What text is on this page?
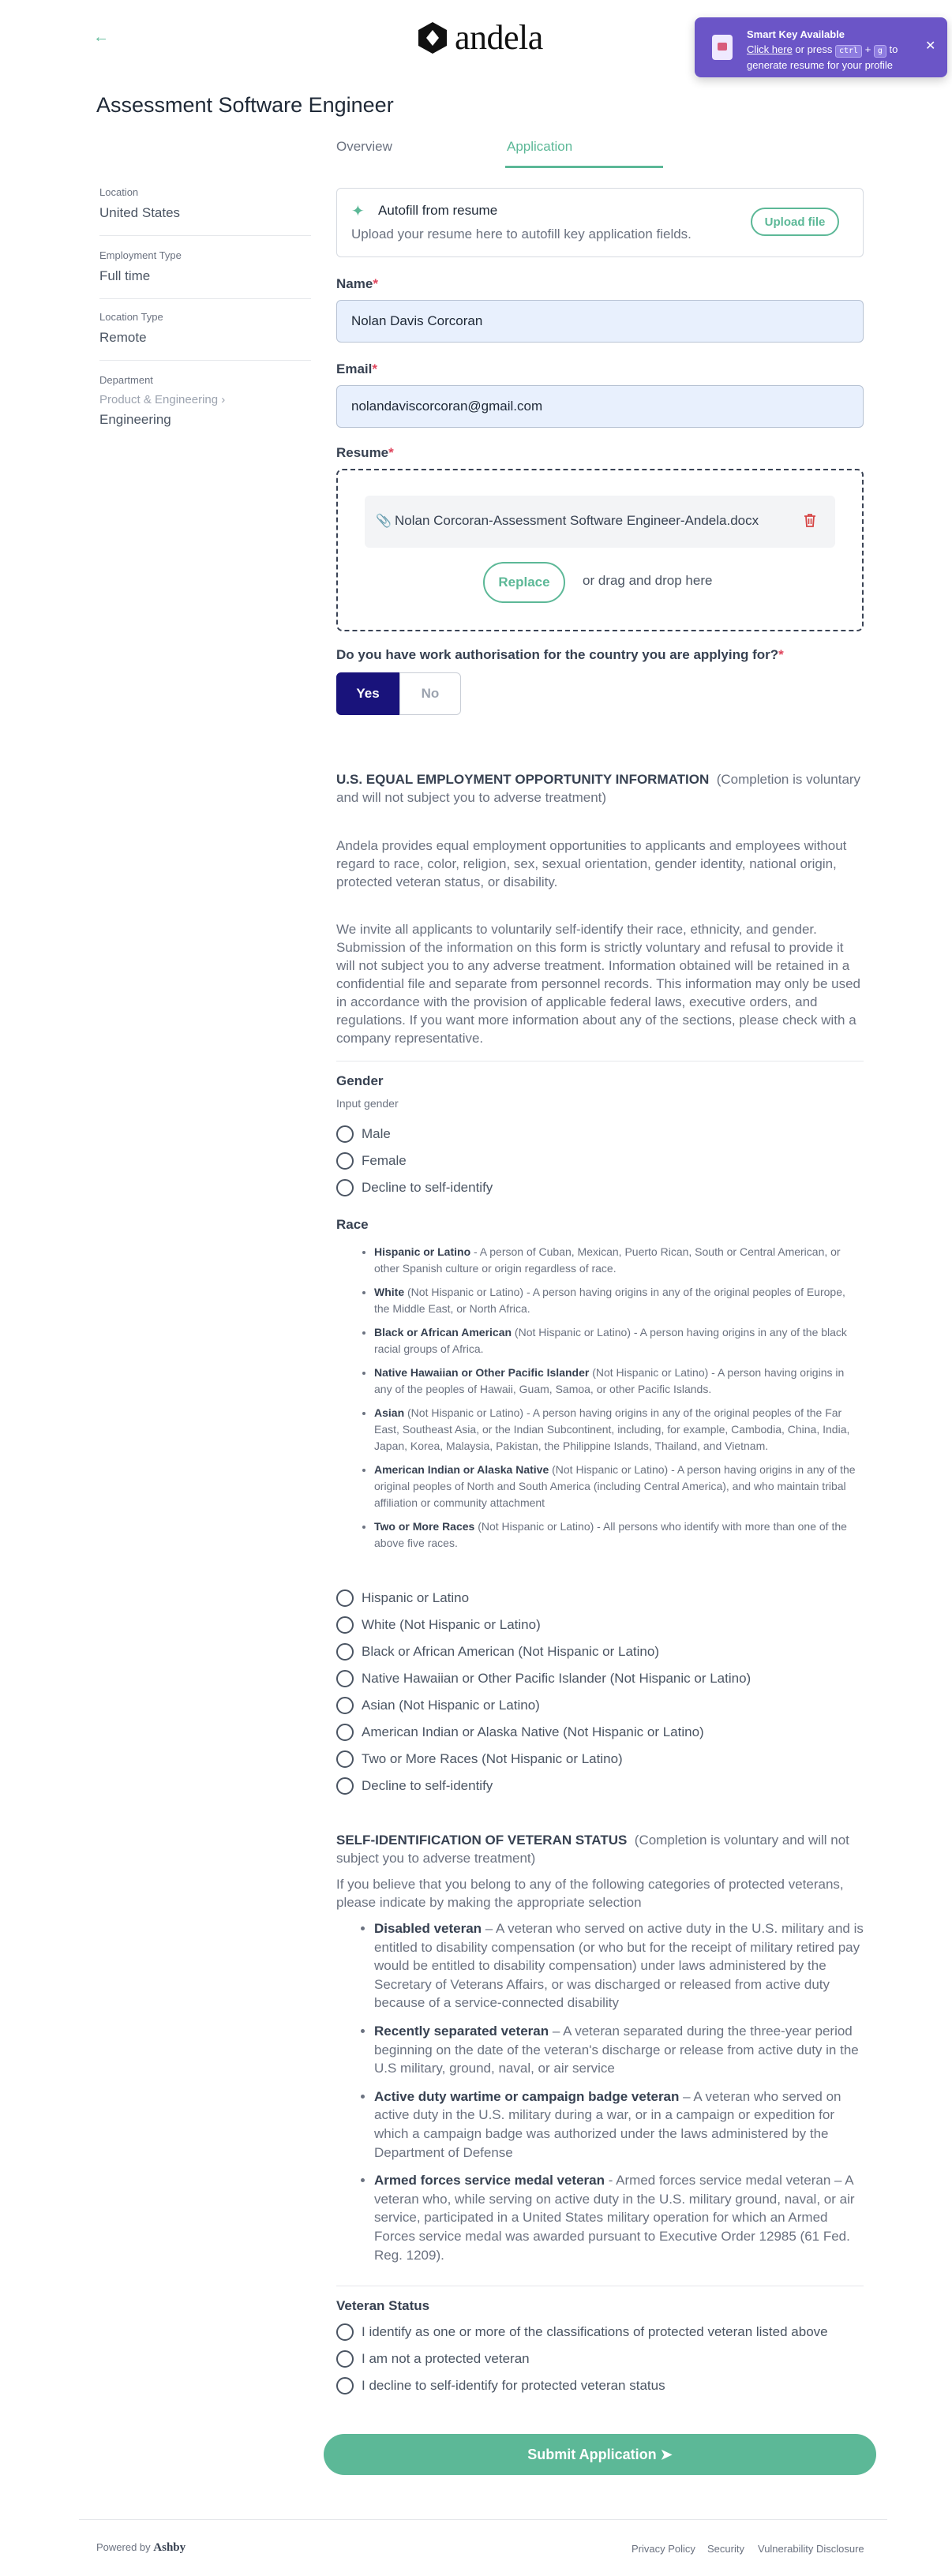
←	andela	Smart Key Available
Click here or press ctrl + g to
generate resume for your profile
✕
Assessment Software Engineer
Overview	Application
Location
United States
Employment Type
Full time
Location Type
Remote
Department
Product & Engineering ›
Engineering
✦ Autofill from resume
Upload your resume here to autofill key application fields.
Upload file
Name*
Nolan Davis Corcoran
Email*
nolandaviscorcoran@gmail.com
Resume*
📎 Nolan Corcoran-Assessment Software Engineer-Andela.docx
Replace	or drag and drop here
Do you have work authorisation for the country you are applying for?*
Yes	No
U.S. EQUAL EMPLOYMENT OPPORTUNITY INFORMATION (Completion is voluntary and will not subject you to adverse treatment)
Andela provides equal employment opportunities to applicants and employees without regard to race, color, religion, sex, sexual orientation, gender identity, national origin, protected veteran status, or disability.
We invite all applicants to voluntarily self-identify their race, ethnicity, and gender. Submission of the information on this form is strictly voluntary and refusal to provide it will not subject you to any adverse treatment. Information obtained will be retained in a confidential file and separate from personnel records. This information may only be used in accordance with the provision of applicable federal laws, executive orders, and regulations. If you want more information about any of the sections, please check with a company representative.
Gender
Input gender
Male
Female
Decline to self-identify
Race
• Hispanic or Latino - A person of Cuban, Mexican, Puerto Rican, South or Central American, or other Spanish culture or origin regardless of race.
• White (Not Hispanic or Latino) - A person having origins in any of the original peoples of Europe, the Middle East, or North Africa.
• Black or African American (Not Hispanic or Latino) - A person having origins in any of the black racial groups of Africa.
• Native Hawaiian or Other Pacific Islander (Not Hispanic or Latino) - A person having origins in any of the peoples of Hawaii, Guam, Samoa, or other Pacific Islands.
• Asian (Not Hispanic or Latino) - A person having origins in any of the original peoples of the Far East, Southeast Asia, or the Indian Subcontinent, including, for example, Cambodia, China, India, Japan, Korea, Malaysia, Pakistan, the Philippine Islands, Thailand, and Vietnam.
• American Indian or Alaska Native (Not Hispanic or Latino) - A person having origins in any of the original peoples of North and South America (including Central America), and who maintain tribal affiliation or community attachment
• Two or More Races (Not Hispanic or Latino) - All persons who identify with more than one of the above five races.
Hispanic or Latino
White (Not Hispanic or Latino)
Black or African American (Not Hispanic or Latino)
Native Hawaiian or Other Pacific Islander (Not Hispanic or Latino)
Asian (Not Hispanic or Latino)
American Indian or Alaska Native (Not Hispanic or Latino)
Two or More Races (Not Hispanic or Latino)
Decline to self-identify
SELF-IDENTIFICATION OF VETERAN STATUS (Completion is voluntary and will not subject you to adverse treatment)
If you believe that you belong to any of the following categories of protected veterans, please indicate by making the appropriate selection
• Disabled veteran – A veteran who served on active duty in the U.S. military and is entitled to disability compensation (or who but for the receipt of military retired pay would be entitled to disability compensation) under laws administered by the Secretary of Veterans Affairs, or was discharged or released from active duty because of a service-connected disability
• Recently separated veteran – A veteran separated during the three-year period beginning on the date of the veteran's discharge or release from active duty in the U.S military, ground, naval, or air service
• Active duty wartime or campaign badge veteran – A veteran who served on active duty in the U.S. military during a war, or in a campaign or expedition for which a campaign badge was authorized under the laws administered by the Department of Defense
• Armed forces service medal veteran - Armed forces service medal veteran – A veteran who, while serving on active duty in the U.S. military ground, naval, or air service, participated in a United States military operation for which an Armed Forces service medal was awarded pursuant to Executive Order 12985 (61 Fed. Reg. 1209).
Veteran Status
I identify as one or more of the classifications of protected veteran listed above
I am not a protected veteran
I decline to self-identify for protected veteran status
Submit Application ➤
Powered by Ashby	Privacy Policy Security Vulnerability Disclosure
